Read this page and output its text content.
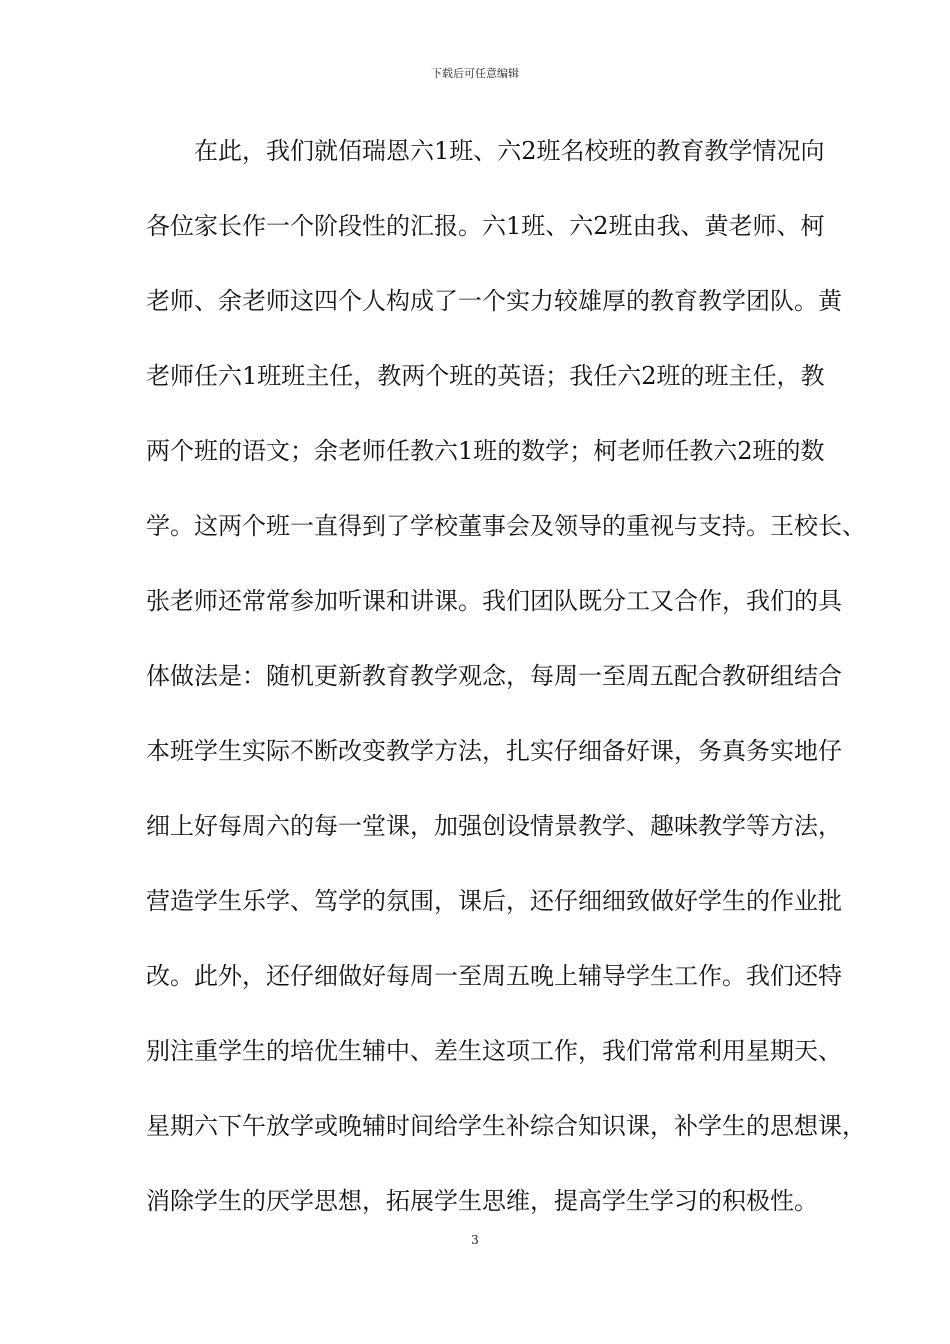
下载后可任意编辑
　　在此，我们就佰瑞恩六1班、六2班名校班的教育教学情况向
各位家长作一个阶段性的汇报。六1班、六2班由我、黄老师、柯
老师、余老师这四个人构成了一个实力较雄厚的教育教学团队。黄
老师任六1班班主任，教两个班的英语；我任六2班的班主任，教
两个班的语文；余老师任教六1班的数学；柯老师任教六2班的数
学。这两个班一直得到了学校董事会及领导的重视与支持。王校长、
张老师还常常参加听课和讲课。我们团队既分工又合作，我们的具
体做法是：随机更新教育教学观念，每周一至周五配合教研组结合
本班学生实际不断改变教学方法，扎实仔细备好课，务真务实地仔
细上好每周六的每一堂课，加强创设情景教学、趣味教学等方法，
营造学生乐学、笃学的氛围，课后，还仔细细致做好学生的作业批
改。此外，还仔细做好每周一至周五晚上辅导学生工作。我们还特
别注重学生的培优生辅中、差生这项工作，我们常常利用星期天、
星期六下午放学或晚辅时间给学生补综合知识课，补学生的思想课，
消除学生的厌学思想，拓展学生思维，提高学生学习的积极性。
3
